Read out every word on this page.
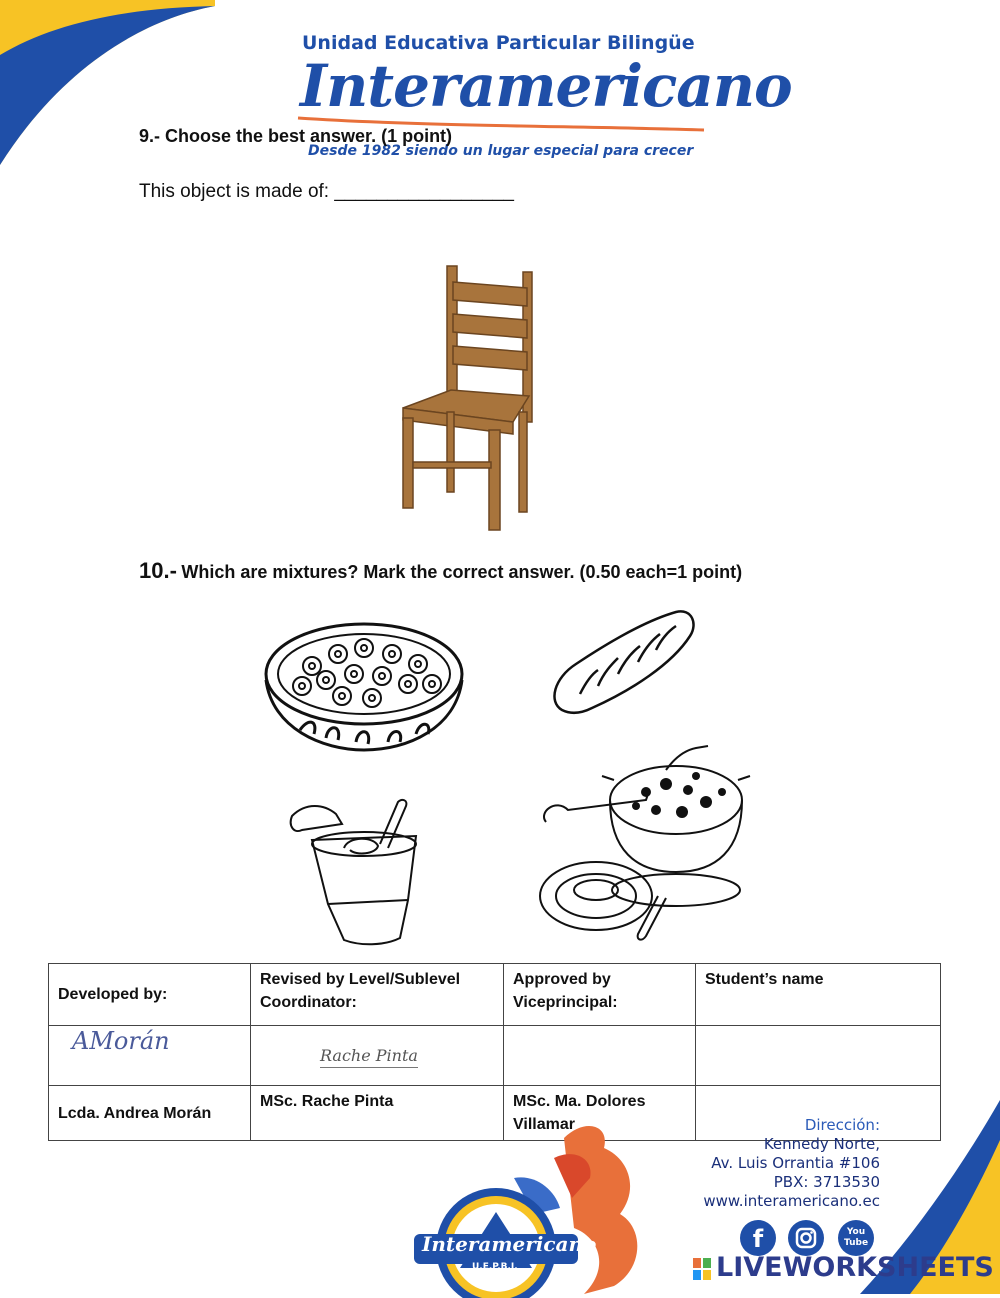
Unidad Educativa Particular Bilingüe
Interamericano
Desde 1982 siendo un lugar especial para crecer
9.- Choose the best answer. (1 point)
This object is made of: _________________
10.- Which are mixtures? Mark the correct answer. (0.50 each=1 point)
Developed by:	Revised by Level/Sublevel Coordinator:	Approved by Viceprincipal:	Student’s name
AMorán	Rache Pinta		
Lcda. Andrea Morán	MSc. Rache Pinta	MSc. Ma. Dolores Villamar	
Interamericano
U.E.P.B.I.
Dirección:
Kennedy Norte,
Av. Luis Orrantia #106
PBX: 3713530
www.interamericano.ec
f	You Tube
LIVEWORKSHEETS
